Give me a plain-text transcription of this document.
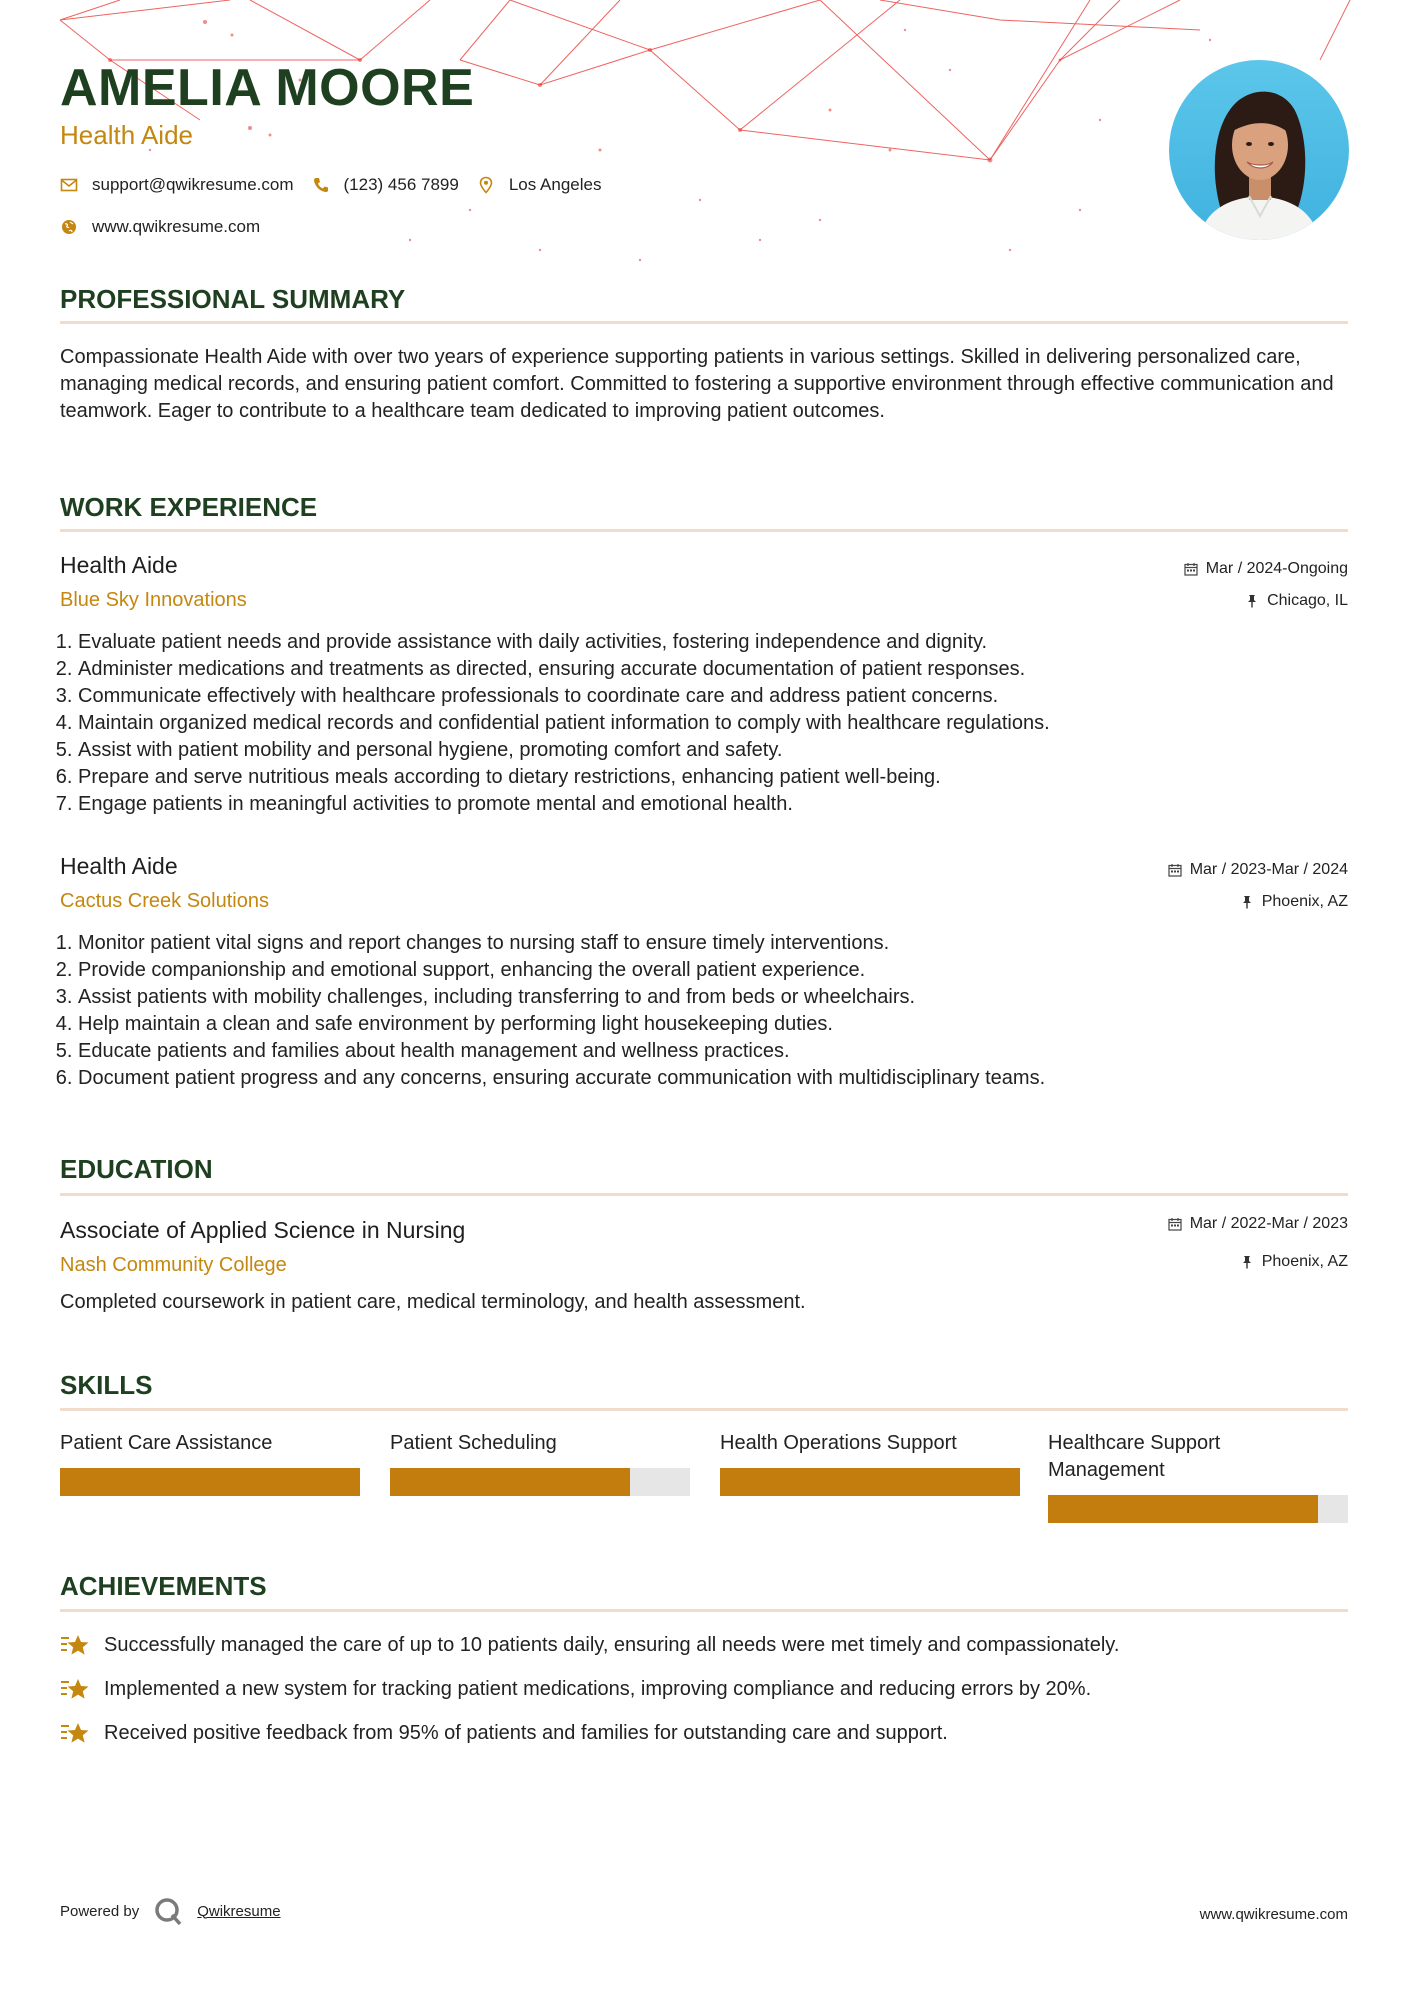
AMELIA MOORE
Health Aide
support@qwikresume.com	(123) 456 7899	Los Angeles
www.qwikresume.com
PROFESSIONAL SUMMARY
Compassionate Health Aide with over two years of experience supporting patients in various settings. Skilled in delivering personalized care, managing medical records, and ensuring patient comfort. Committed to fostering a supportive environment through effective communication and teamwork. Eager to contribute to a healthcare team dedicated to improving patient outcomes.
WORK EXPERIENCE
Health Aide
Blue Sky Innovations
Mar / 2024-Ongoing
Chicago, IL
1. Evaluate patient needs and provide assistance with daily activities, fostering independence and dignity.
2. Administer medications and treatments as directed, ensuring accurate documentation of patient responses.
3. Communicate effectively with healthcare professionals to coordinate care and address patient concerns.
4. Maintain organized medical records and confidential patient information to comply with healthcare regulations.
5. Assist with patient mobility and personal hygiene, promoting comfort and safety.
6. Prepare and serve nutritious meals according to dietary restrictions, enhancing patient well-being.
7. Engage patients in meaningful activities to promote mental and emotional health.
Health Aide
Cactus Creek Solutions
Mar / 2023-Mar / 2024
Phoenix, AZ
1. Monitor patient vital signs and report changes to nursing staff to ensure timely interventions.
2. Provide companionship and emotional support, enhancing the overall patient experience.
3. Assist patients with mobility challenges, including transferring to and from beds or wheelchairs.
4. Help maintain a clean and safe environment by performing light housekeeping duties.
5. Educate patients and families about health management and wellness practices.
6. Document patient progress and any concerns, ensuring accurate communication with multidisciplinary teams.
EDUCATION
Associate of Applied Science in Nursing
Nash Community College
Mar / 2022-Mar / 2023
Phoenix, AZ
Completed coursework in patient care, medical terminology, and health assessment.
SKILLS
Patient Care Assistance	Patient Scheduling	Health Operations Support	Healthcare Support Management
ACHIEVEMENTS
Successfully managed the care of up to 10 patients daily, ensuring all needs were met timely and compassionately.
Implemented a new system for tracking patient medications, improving compliance and reducing errors by 20%.
Received positive feedback from 95% of patients and families for outstanding care and support.
Powered by	Qwikresume	www.qwikresume.com
